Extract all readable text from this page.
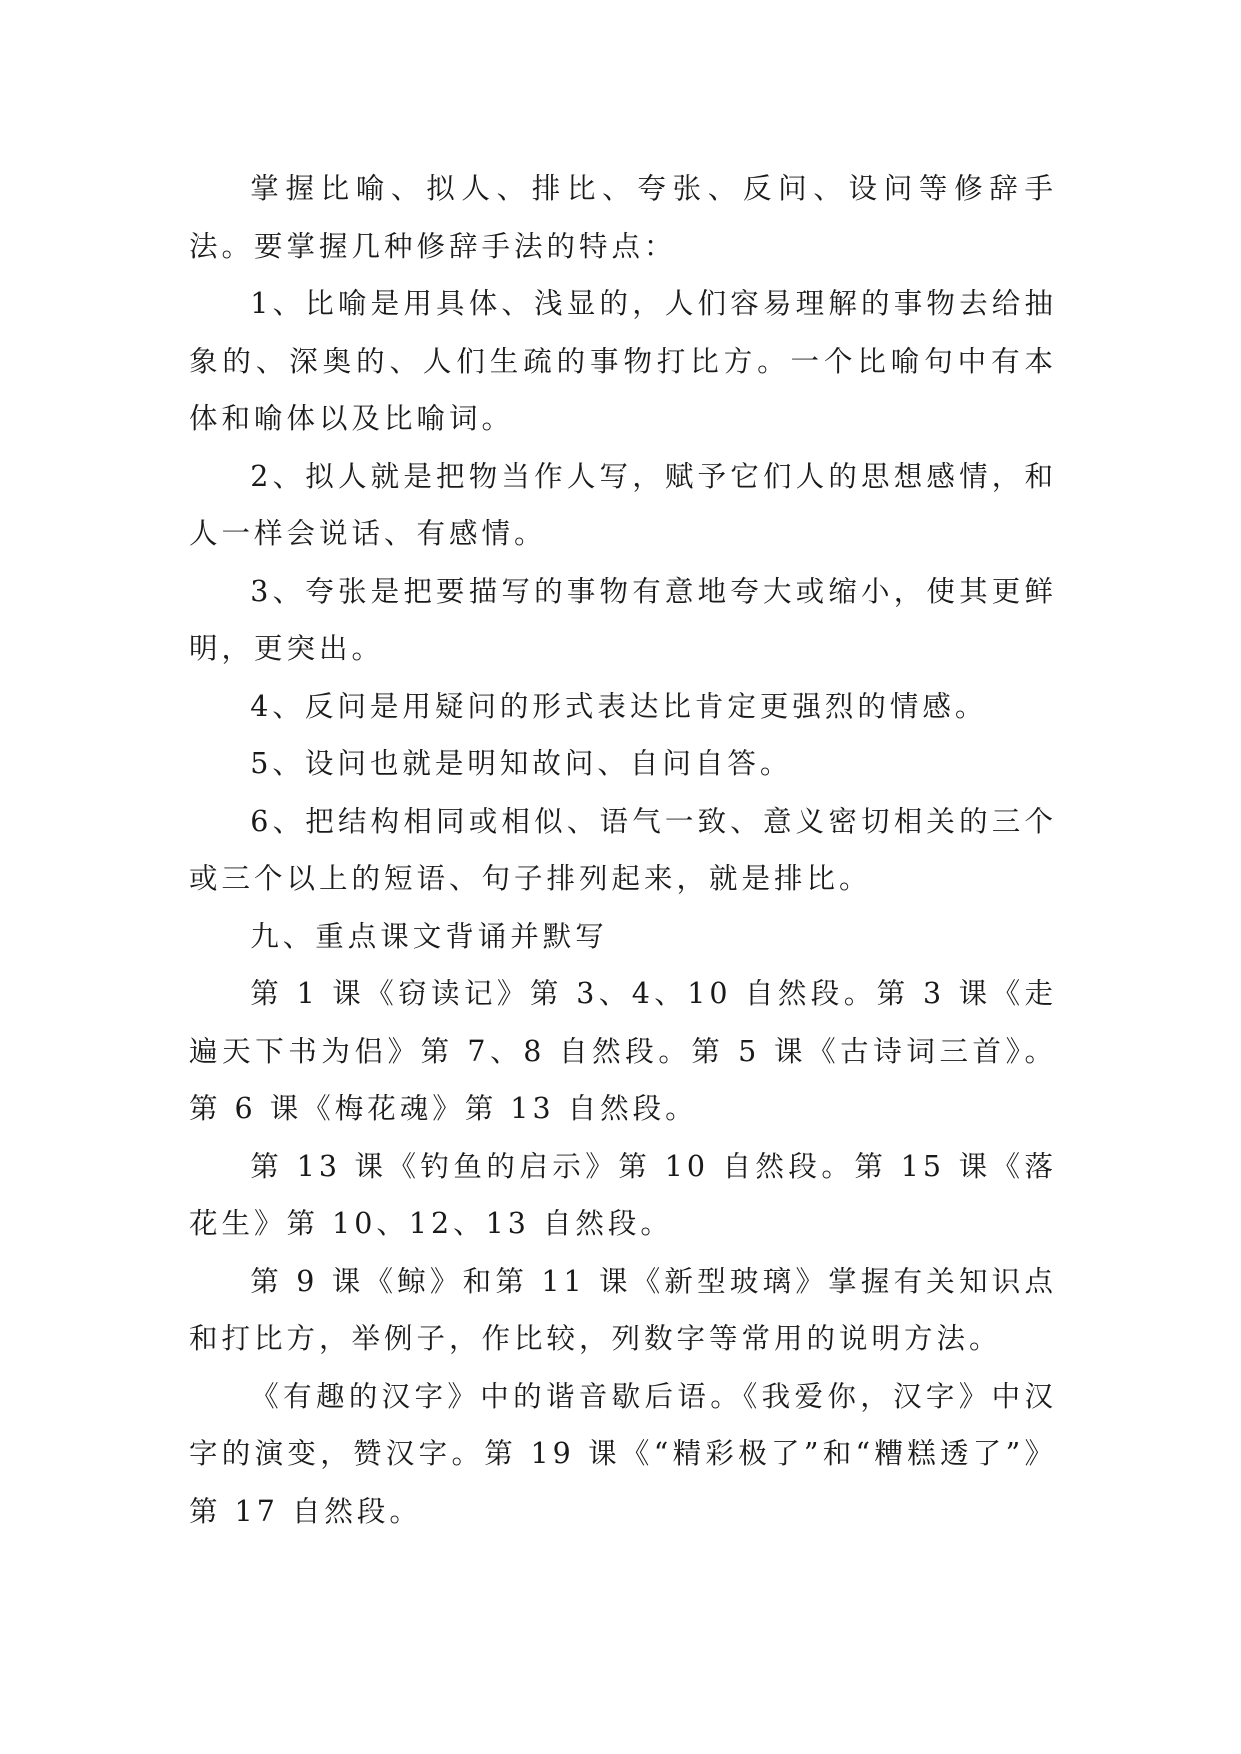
掌握比喻、拟人、排比、夸张、反问、设问等修辞手法。要掌握几种修辞手法的特点：

1、比喻是用具体、浅显的，人们容易理解的事物去给抽象的、深奥的、人们生疏的事物打比方。一个比喻句中有本体和喻体以及比喻词。

2、拟人就是把物当作人写，赋予它们人的思想感情，和人一样会说话、有感情。

3、夸张是把要描写的事物有意地夸大或缩小，使其更鲜明，更突出。

4、反问是用疑问的形式表达比肯定更强烈的情感。

5、设问也就是明知故问、自问自答。

6、把结构相同或相似、语气一致、意义密切相关的三个或三个以上的短语、句子排列起来，就是排比。

九、重点课文背诵并默写

第 1 课《窃读记》第 3、4、10 自然段。第 3 课《走遍天下书为侣》第 7、8 自然段。第 5 课《古诗词三首》。第 6 课《梅花魂》第 13 自然段。

第 13 课《钓鱼的启示》第 10 自然段。第 15 课《落花生》第 10、12、13 自然段。

第 9 课《鲸》和第 11 课《新型玻璃》掌握有关知识点和打比方，举例子，作比较，列数字等常用的说明方法。

《有趣的汉字》中的谐音歇后语。《我爱你，汉字》中汉字的演变，赞汉字。第 19 课《“精彩极了”和“糟糕透了”》第 17 自然段。
